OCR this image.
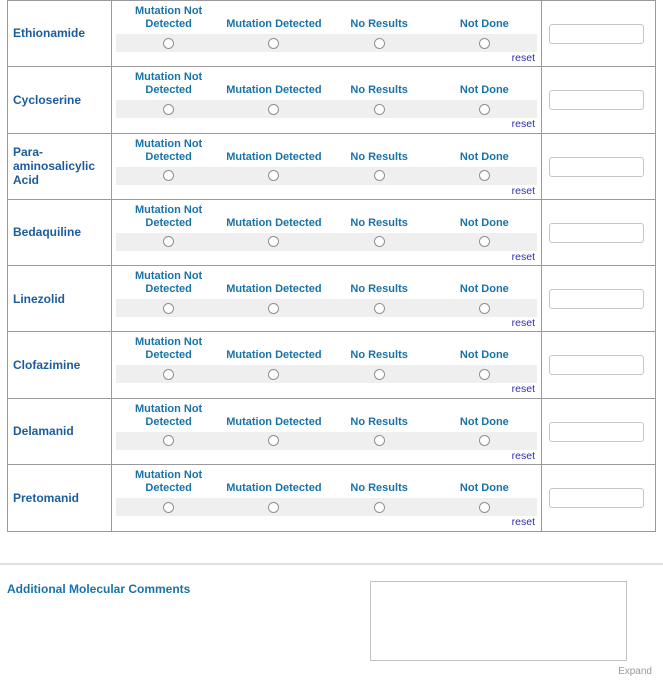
Ethionamide
Mutation Not Detected	Mutation Detected	No Results	Not Done
reset
Cycloserine
Mutation Not Detected	Mutation Detected	No Results	Not Done
reset
Para-aminosalicylic Acid
Mutation Not Detected	Mutation Detected	No Results	Not Done
reset
Bedaquiline
Mutation Not Detected	Mutation Detected	No Results	Not Done
reset
Linezolid
Mutation Not Detected	Mutation Detected	No Results	Not Done
reset
Clofazimine
Mutation Not Detected	Mutation Detected	No Results	Not Done
reset
Delamanid
Mutation Not Detected	Mutation Detected	No Results	Not Done
reset
Pretomanid
Mutation Not Detected	Mutation Detected	No Results	Not Done
reset
Additional Molecular Comments
Expand
